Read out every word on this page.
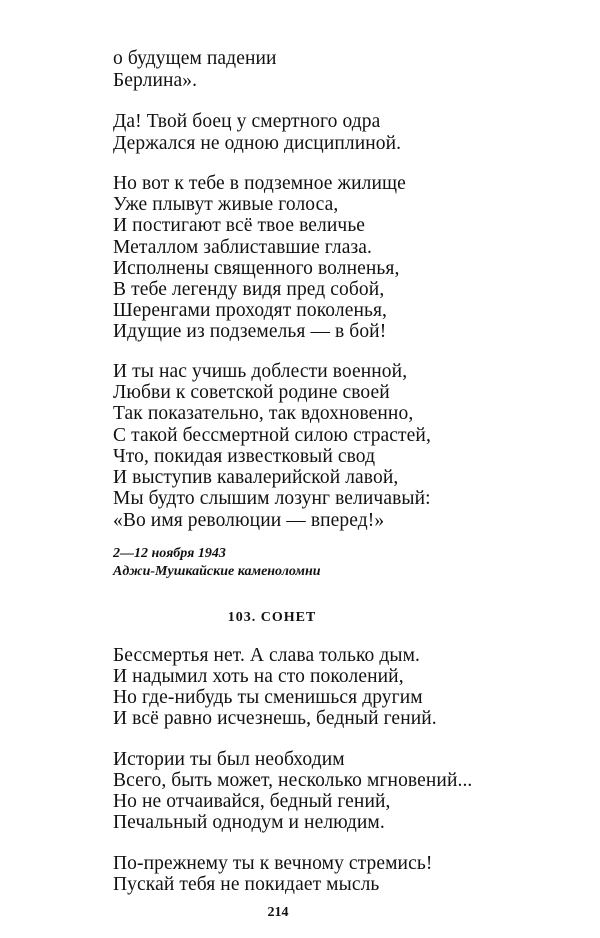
о будущем падении
Берлина».
Да! Твой боец у смертного одра
Держался не одною дисциплиной.
Но вот к тебе в подземное жилище
Уже плывут живые голоса,
И постигают всё твое величье
Металлом заблиставшие глаза.
Исполнены священного волненья,
В тебе легенду видя пред собой,
Шеренгами проходят поколенья,
Идущие из подземелья — в бой!
И ты нас учишь доблести военной,
Любви к советской родине своей
Так показательно, так вдохновенно,
С такой бессмертной силою страстей,
Что, покидая известковый свод
И выступив кавалерийской лавой,
Мы будто слышим лозунг величавый:
«Во имя революции — вперед!»
2—12 ноября 1943
Аджи-Мушкайские каменоломни
103. СОНЕТ
Бессмертья нет. А слава только дым.
И надымил хоть на сто поколений,
Но где-нибудь ты сменишься другим
И всё равно исчезнешь, бедный гений.
Истории ты был необходим
Всего, быть может, несколько мгновений...
Но не отчаивайся, бедный гений,
Печальный однодум и нелюдим.
По-прежнему ты к вечному стремись!
Пускай тебя не покидает мысль
214
